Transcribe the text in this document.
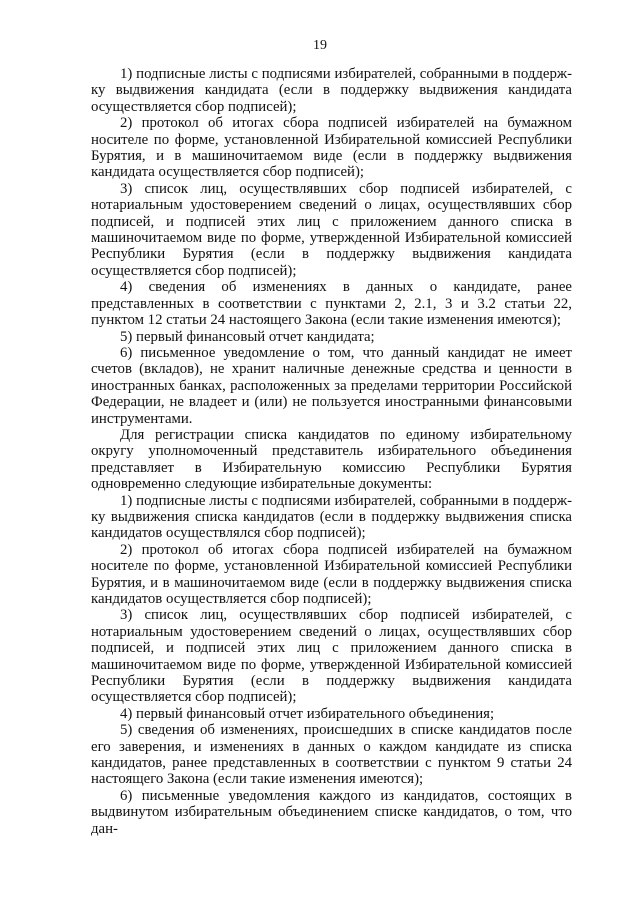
19

1) подписные листы с подписями избирателей, собранными в поддерж-ку выдвижения кандидата (если в поддержку выдвижения кандидата осуществляется сбор подписей);

2) протокол об итогах сбора подписей избирателей на бумажном носителе по форме, установленной Избирательной комиссией Республики Бурятия, и в машиночитаемом виде (если в поддержку выдвижения кандидата осуществляется сбор подписей);

3) список лиц, осуществлявших сбор подписей избирателей, с нотариальным удостоверением сведений о лицах, осуществлявших сбор подписей, и подписей этих лиц с приложением данного списка в машиночитаемом виде по форме, утвержденной Избирательной комиссией Республики Бурятия (если в поддержку выдвижения кандидата осуществляется сбор подписей);

4) сведения об изменениях в данных о кандидате, ранее представленных в соответствии с пунктами 2, 2.1, 3 и 3.2 статьи 22, пунктом 12 статьи 24 настоящего Закона (если такие изменения имеются);

5) первый финансовый отчет кандидата;

6) письменное уведомление о том, что данный кандидат не имеет счетов (вкладов), не хранит наличные денежные средства и ценности в иностранных банках, расположенных за пределами территории Российской Федерации, не владеет и (или) не пользуется иностранными финансовыми инструментами.

Для регистрации списка кандидатов по единому избирательному округу уполномоченный представитель избирательного объединения представляет в Избирательную комиссию Республики Бурятия одновременно следующие избирательные документы:

1) подписные листы с подписями избирателей, собранными в поддерж-ку выдвижения списка кандидатов (если в поддержку выдвижения списка кандидатов осуществлялся сбор подписей);

2) протокол об итогах сбора подписей избирателей на бумажном носителе по форме, установленной Избирательной комиссией Республики Бурятия, и в машиночитаемом виде (если в поддержку выдвижения списка кандидатов осуществляется сбор подписей);

3) список лиц, осуществлявших сбор подписей избирателей, с нотариальным удостоверением сведений о лицах, осуществлявших сбор подписей, и подписей этих лиц с приложением данного списка в машиночитаемом виде по форме, утвержденной Избирательной комиссией Республики Бурятия (если в поддержку выдвижения кандидата осуществляется сбор подписей);

4) первый финансовый отчет избирательного объединения;

5) сведения об изменениях, происшедших в списке кандидатов после его заверения, и изменениях в данных о каждом кандидате из списка кандидатов, ранее представленных в соответствии с пунктом 9 статьи 24 настоящего Закона (если такие изменения имеются);

6) письменные уведомления каждого из кандидатов, состоящих в выдвинутом избирательным объединением списке кандидатов, о том, что дан-
